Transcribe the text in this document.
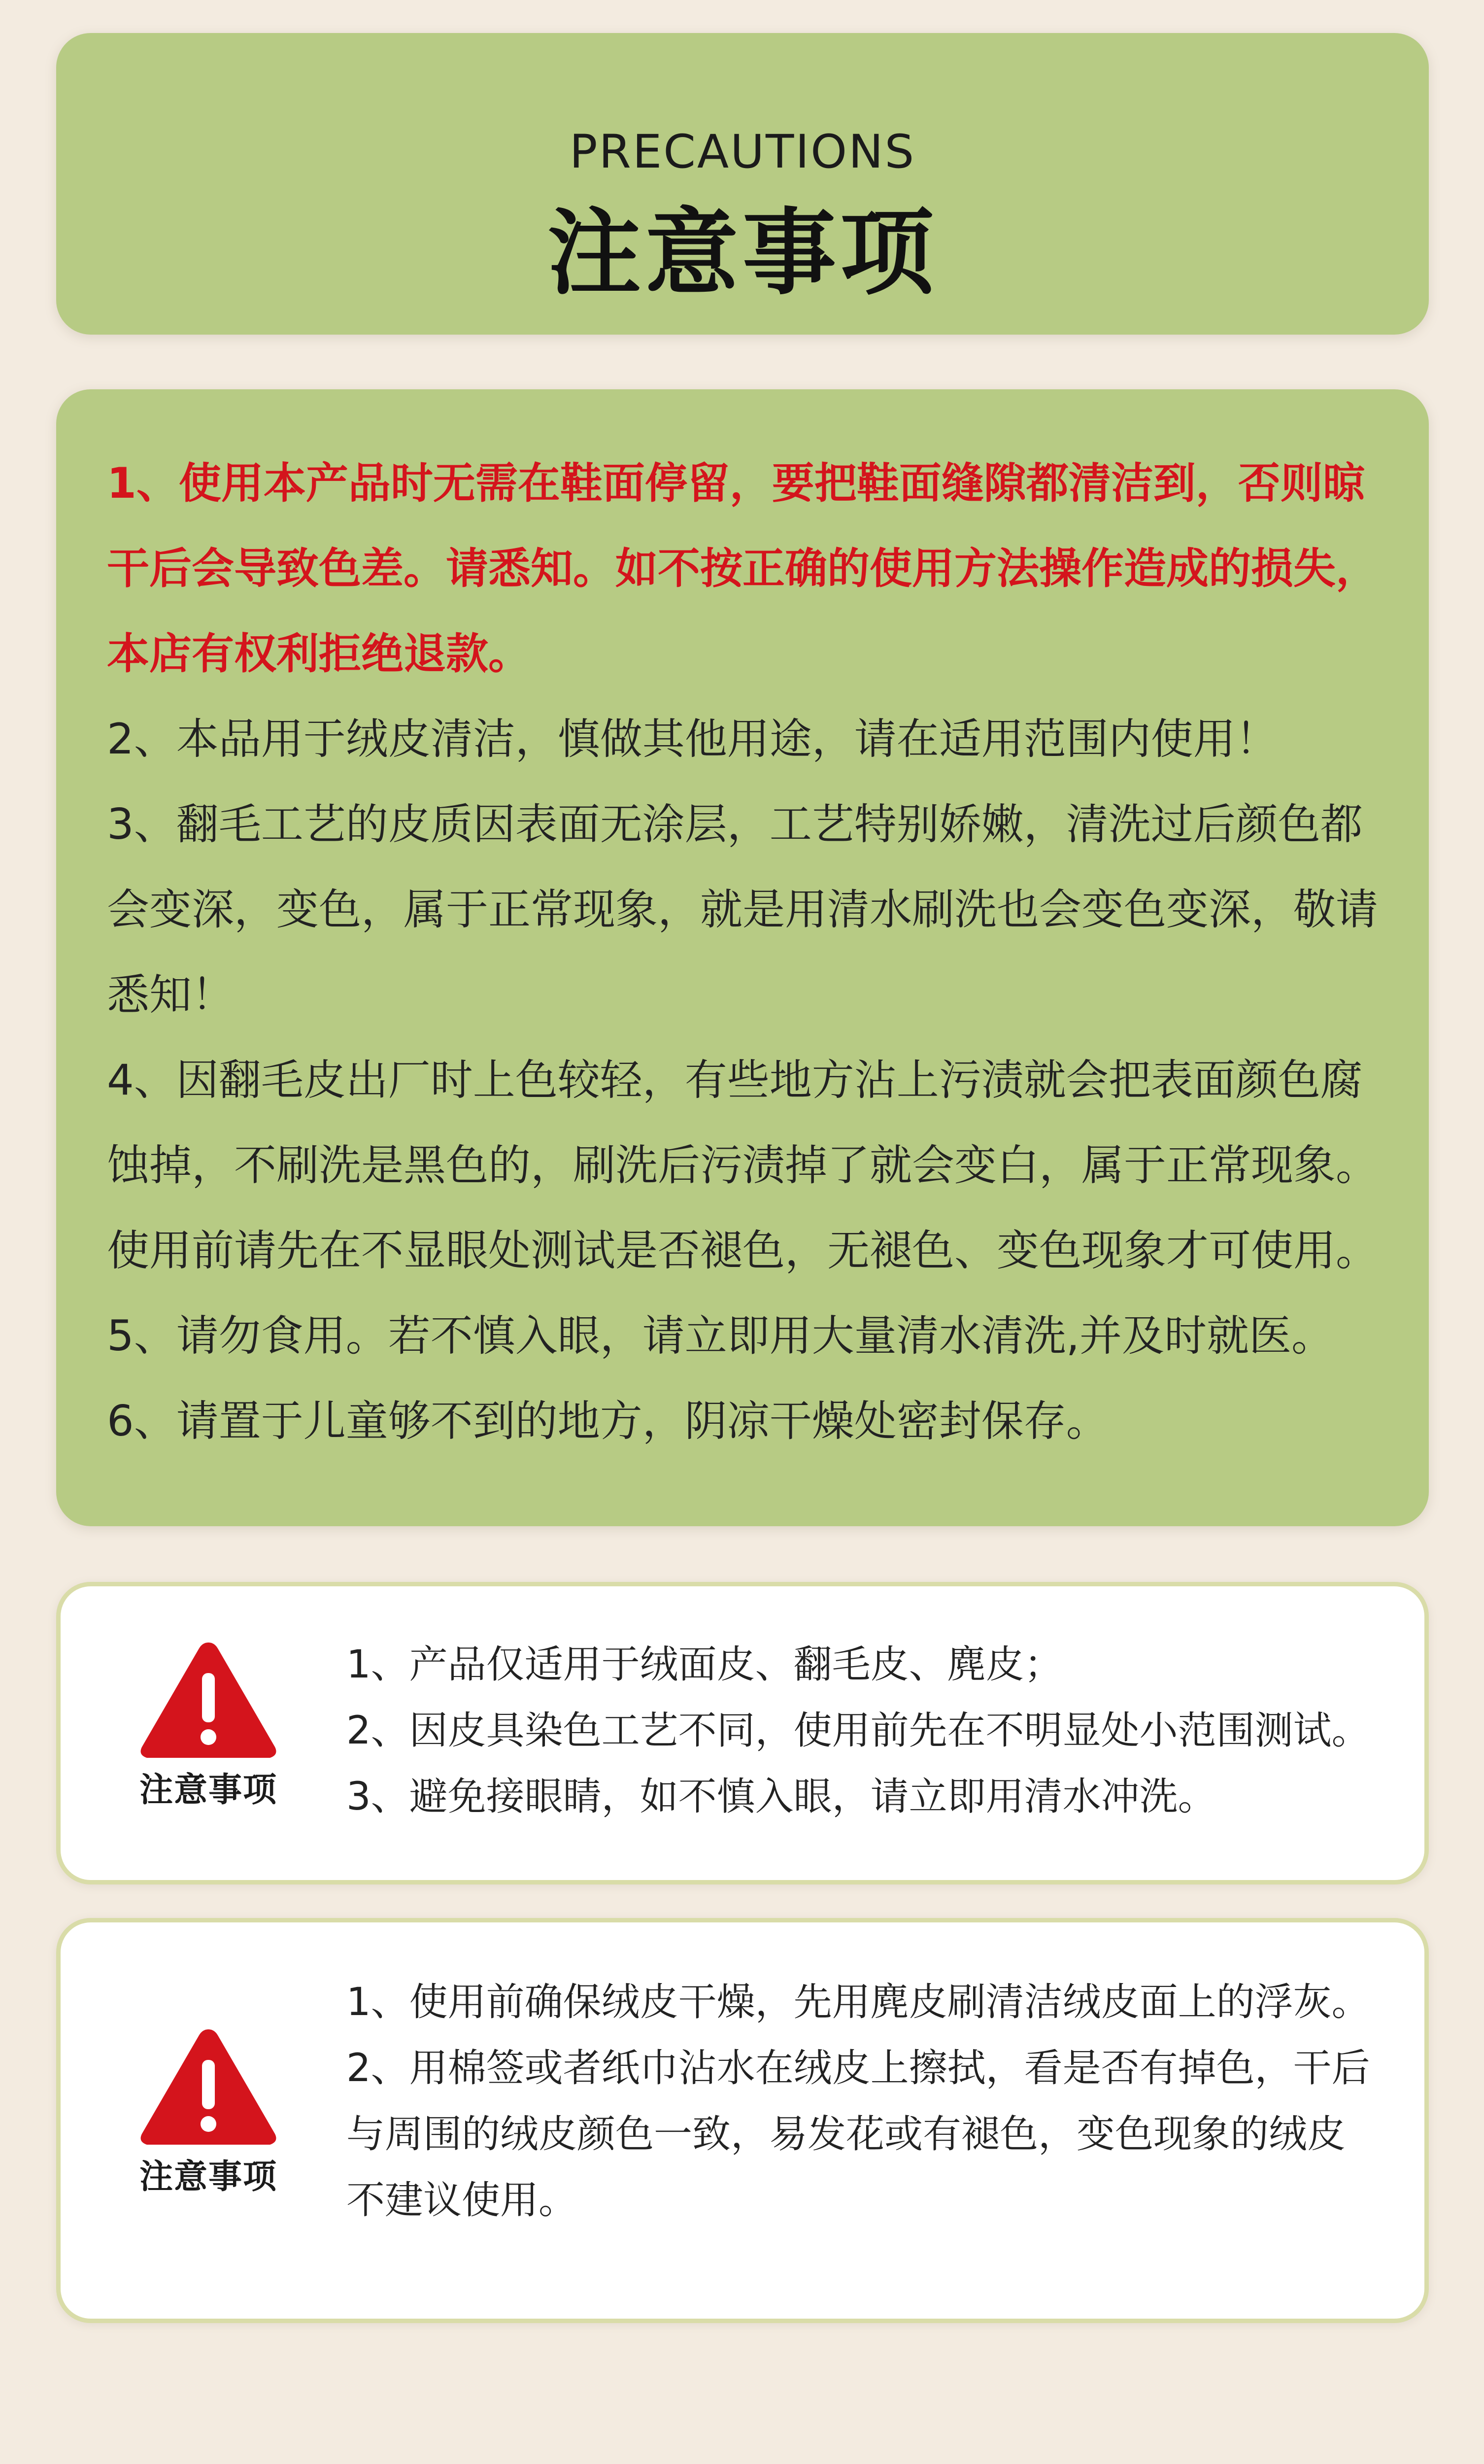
PRECAUTIONS
注意事项
1、使用本产品时无需在鞋面停留，要把鞋面缝隙都清洁到，否则晾
干后会导致色差。请悉知。如不按正确的使用方法操作造成的损失，
本店有权利拒绝退款。
2、本品用于绒皮清洁，慎做其他用途，请在适用范围内使用！
3、翻毛工艺的皮质因表面无涂层，工艺特别娇嫩，清洗过后颜色都
会变深，变色，属于正常现象，就是用清水刷洗也会变色变深，敬请
悉知！
4、因翻毛皮出厂时上色较轻，有些地方沾上污渍就会把表面颜色腐
蚀掉，不刷洗是黑色的，刷洗后污渍掉了就会变白，属于正常现象。
使用前请先在不显眼处测试是否褪色，无褪色、变色现象才可使用。
5、请勿食用。若不慎入眼，请立即用大量清水清洗,并及时就医。
6、请置于儿童够不到的地方，阴凉干燥处密封保存。
注意事项
1、产品仅适用于绒面皮、翻毛皮、麂皮；
2、因皮具染色工艺不同，使用前先在不明显处小范围测试。
3、避免接眼睛，如不慎入眼，请立即用清水冲洗。
注意事项
1、使用前确保绒皮干燥，先用麂皮刷清洁绒皮面上的浮灰。
2、用棉签或者纸巾沾水在绒皮上擦拭，看是否有掉色，干后
与周围的绒皮颜色一致，易发花或有褪色，变色现象的绒皮
不建议使用。
